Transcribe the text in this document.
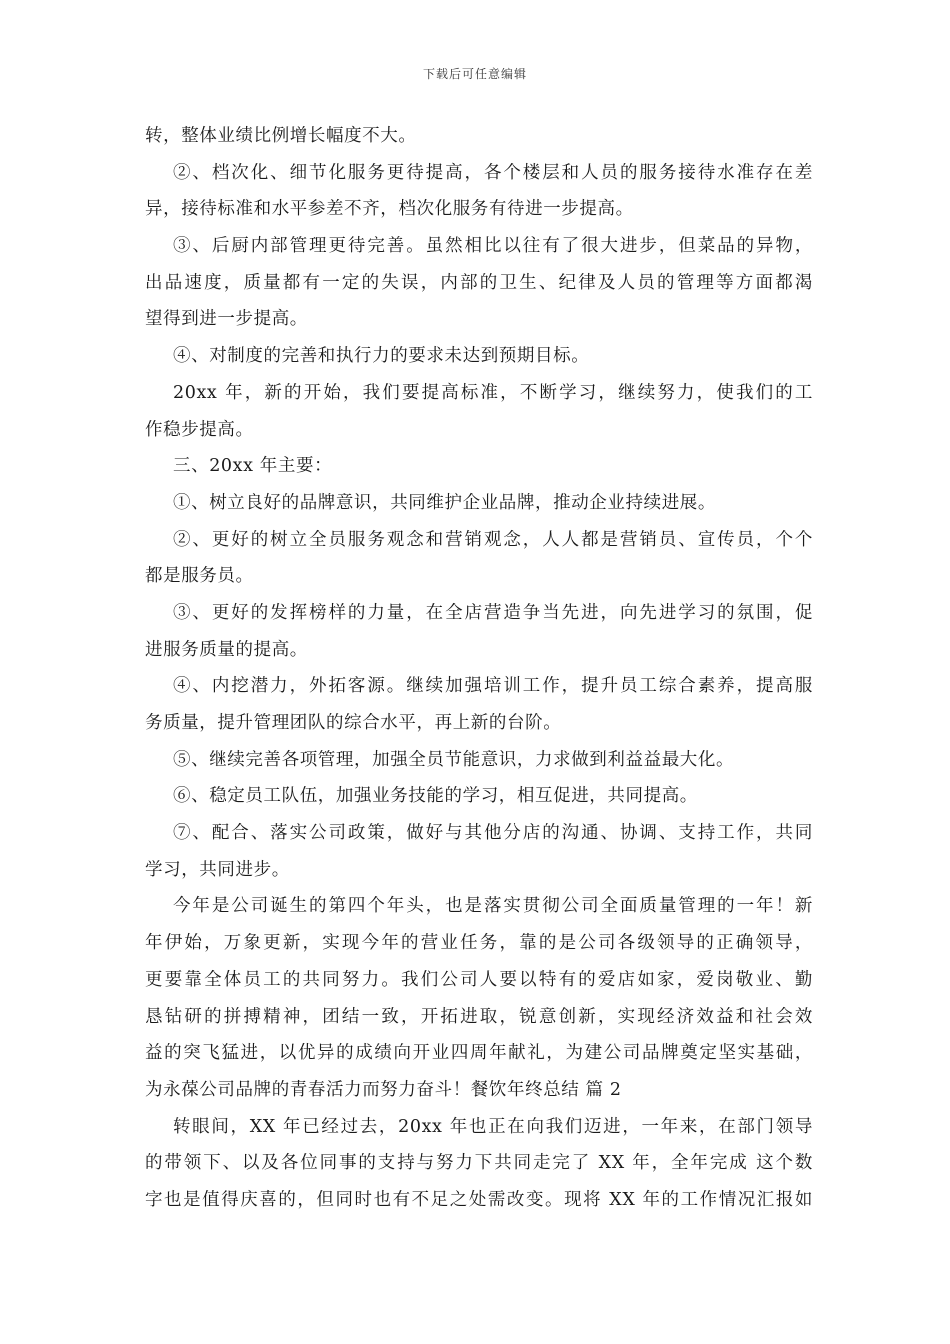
下载后可任意编辑
转，整体业绩比例增长幅度不大。
②、档次化、细节化服务更待提高，各个楼层和人员的服务接待水准存在差
异，接待标准和水平参差不齐，档次化服务有待进一步提高。
③、后厨内部管理更待完善。虽然相比以往有了很大进步，但菜品的异物，
出品速度，质量都有一定的失误，内部的卫生、纪律及人员的管理等方面都渴
望得到进一步提高。
④、对制度的完善和执行力的要求未达到预期目标。
20xx 年，新的开始，我们要提高标准，不断学习，继续努力，使我们的工
作稳步提高。
三、20xx 年主要：
①、树立良好的品牌意识，共同维护企业品牌，推动企业持续进展。
②、更好的树立全员服务观念和营销观念，人人都是营销员、宣传员，个个
都是服务员。
③、更好的发挥榜样的力量，在全店营造争当先进，向先进学习的氛围，促
进服务质量的提高。
④、内挖潜力，外拓客源。继续加强培训工作，提升员工综合素养，提高服
务质量，提升管理团队的综合水平，再上新的台阶。
⑤、继续完善各项管理，加强全员节能意识，力求做到利益益最大化。
⑥、稳定员工队伍，加强业务技能的学习，相互促进，共同提高。
⑦、配合、落实公司政策，做好与其他分店的沟通、协调、支持工作，共同
学习，共同进步。
今年是公司诞生的第四个年头，也是落实贯彻公司全面质量管理的一年！新
年伊始，万象更新，实现今年的营业任务，靠的是公司各级领导的正确领导，
更要靠全体员工的共同努力。我们公司人要以特有的爱店如家，爱岗敬业、勤
恳钻研的拼搏精神，团结一致，开拓进取，锐意创新，实现经济效益和社会效
益的突飞猛进，以优异的成绩向开业四周年献礼，为建公司品牌奠定坚实基础，
为永葆公司品牌的青春活力而努力奋斗！餐饮年终总结 篇 2
转眼间，XX 年已经过去，20xx 年也正在向我们迈进，一年来，在部门领导
的带领下、以及各位同事的支持与努力下共同走完了 XX 年，全年完成 这个数
字也是值得庆喜的，但同时也有不足之处需改变。现将 XX 年的工作情况汇报如
